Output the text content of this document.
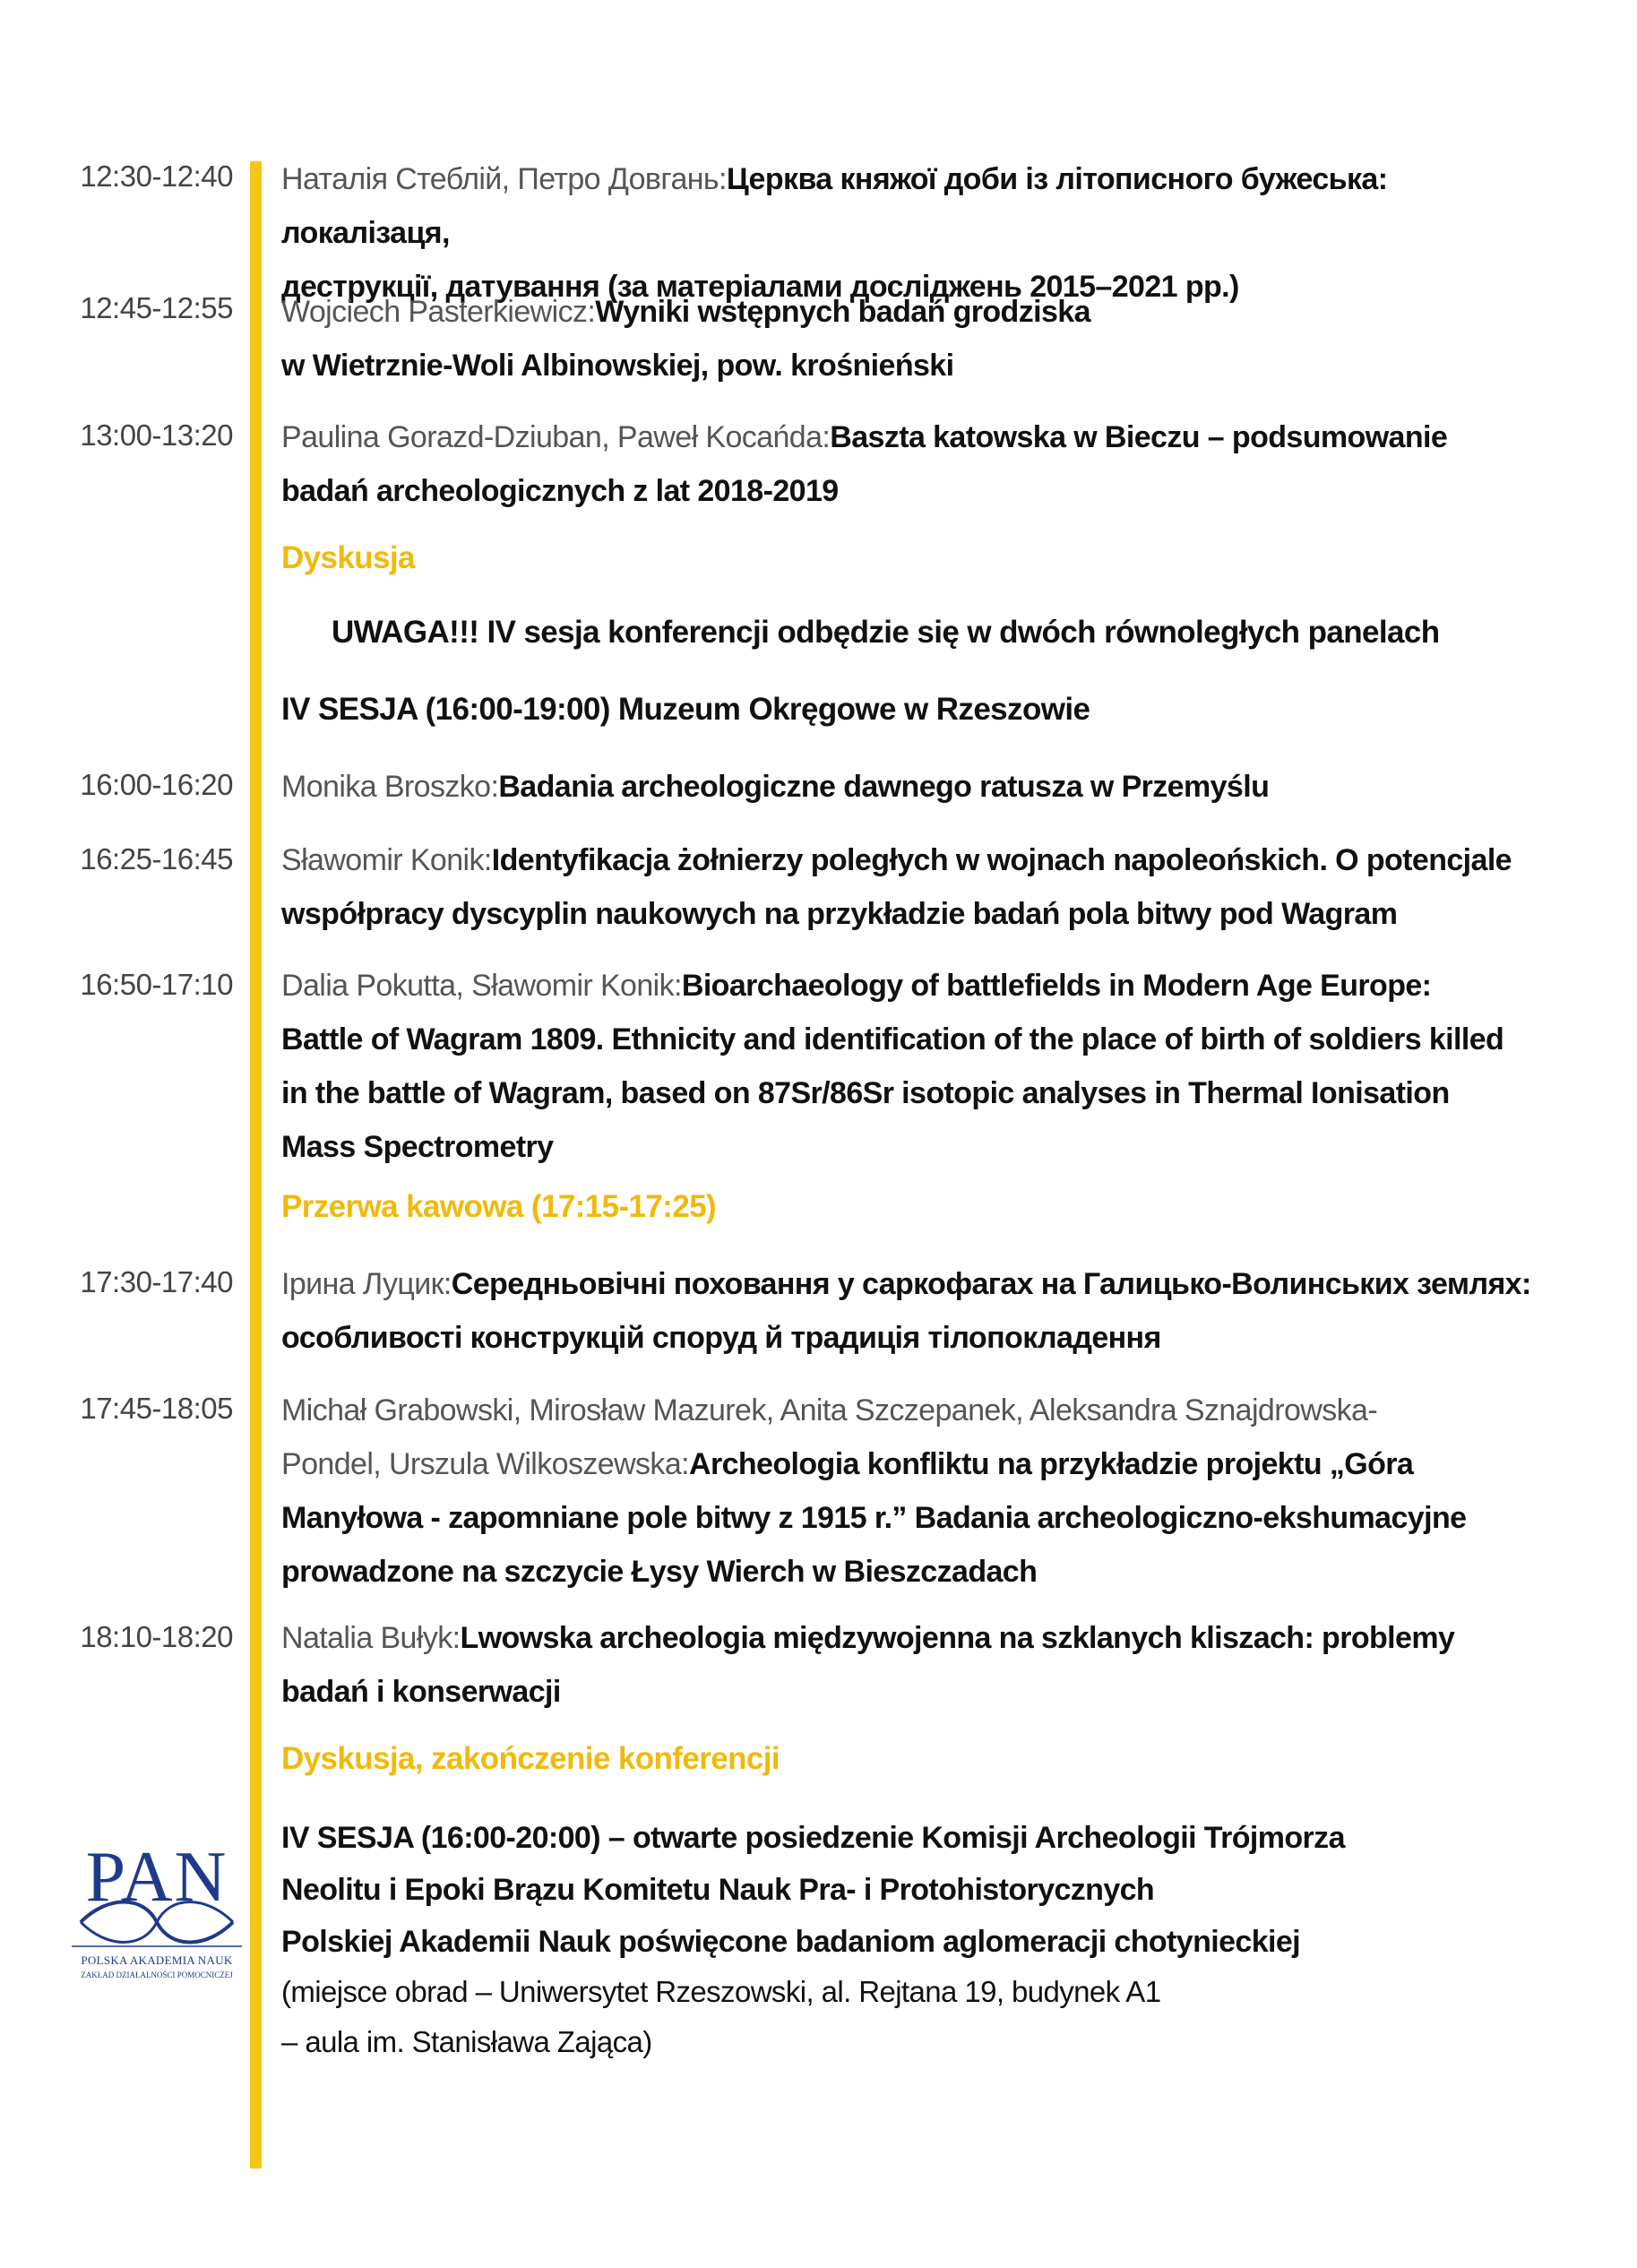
12:30-12:40 Наталія Стеблій, Петро Довгань:Церква княжої доби із літописного бужеська: локалізаця,
деструкції, датування (за матеріалами досліджень 2015–2021 рр.)
12:45-12:55 Wojciech Pasterkiewicz:Wyniki wstępnych badań grodziska
w Wietrznie-Woli Albinowskiej, pow. krośnieński
13:00-13:20 Paulina Gorazd-Dziuban, Paweł Kocańda:Baszta katowska w Bieczu – podsumowanie
badań archeologicznych z lat 2018-2019
Dyskusja
UWAGA!!! IV sesja konferencji odbędzie się w dwóch równoległych panelach
IV SESJA (16:00-19:00) Muzeum Okręgowe w Rzeszowie
16:00-16:20 Monika Broszko:Badania archeologiczne dawnego ratusza w Przemyślu
16:25-16:45 Sławomir Konik:Identyfikacja żołnierzy poległych w wojnach napoleońskich. O potencjale
współpracy dyscyplin naukowych na przykładzie badań pola bitwy pod Wagram
16:50-17:10 Dalia Pokutta, Sławomir Konik:Bioarchaeology of battlefields in Modern Age Europe:
Battle of Wagram 1809. Ethnicity and identification of the place of birth of soldiers killed
in the battle of Wagram, based on 87Sr/86Sr isotopic analyses in Thermal Ionisation
Mass Spectrometry
Przerwa kawowa (17:15-17:25)
17:30-17:40 Ірина Луцик:Середньовічні поховання у саркофагах на Галицько-Волинських землях:
особливості конструкцій споруд й традиція тілопокладення
17:45-18:05 Michał Grabowski, Mirosław Mazurek, Anita Szczepanek, Aleksandra Sznajdrowska-
Pondel, Urszula Wilkoszewska:Archeologia konfliktu na przykładzie projektu „Góra
Manyłowa - zapomniane pole bitwy z 1915 r.” Badania archeologiczno-ekshumacyjne
prowadzone na szczycie Łysy Wierch w Bieszczadach
18:10-18:20 Natalia Bułyk:Lwowska archeologia międzywojenna na szklanych kliszach: problemy
badań i konserwacji
Dyskusja, zakończenie konferencji
IV SESJA (16:00-20:00) – otwarte posiedzenie Komisji Archeologii Trójmorza
Neolitu i Epoki Brązu Komitetu Nauk Pra- i Protohistorycznych
Polskiej Akademii Nauk poświęcone badaniom aglomeracji chotynieckiej
(miejsce obrad – Uniwersytet Rzeszowski, al. Rejtana 19, budynek A1
– aula im. Stanisława Zająca)
PAN
POLSKA AKADEMIA NAUK
ZAKŁAD DZIAŁALNOŚCI POMOCNICZEJ
